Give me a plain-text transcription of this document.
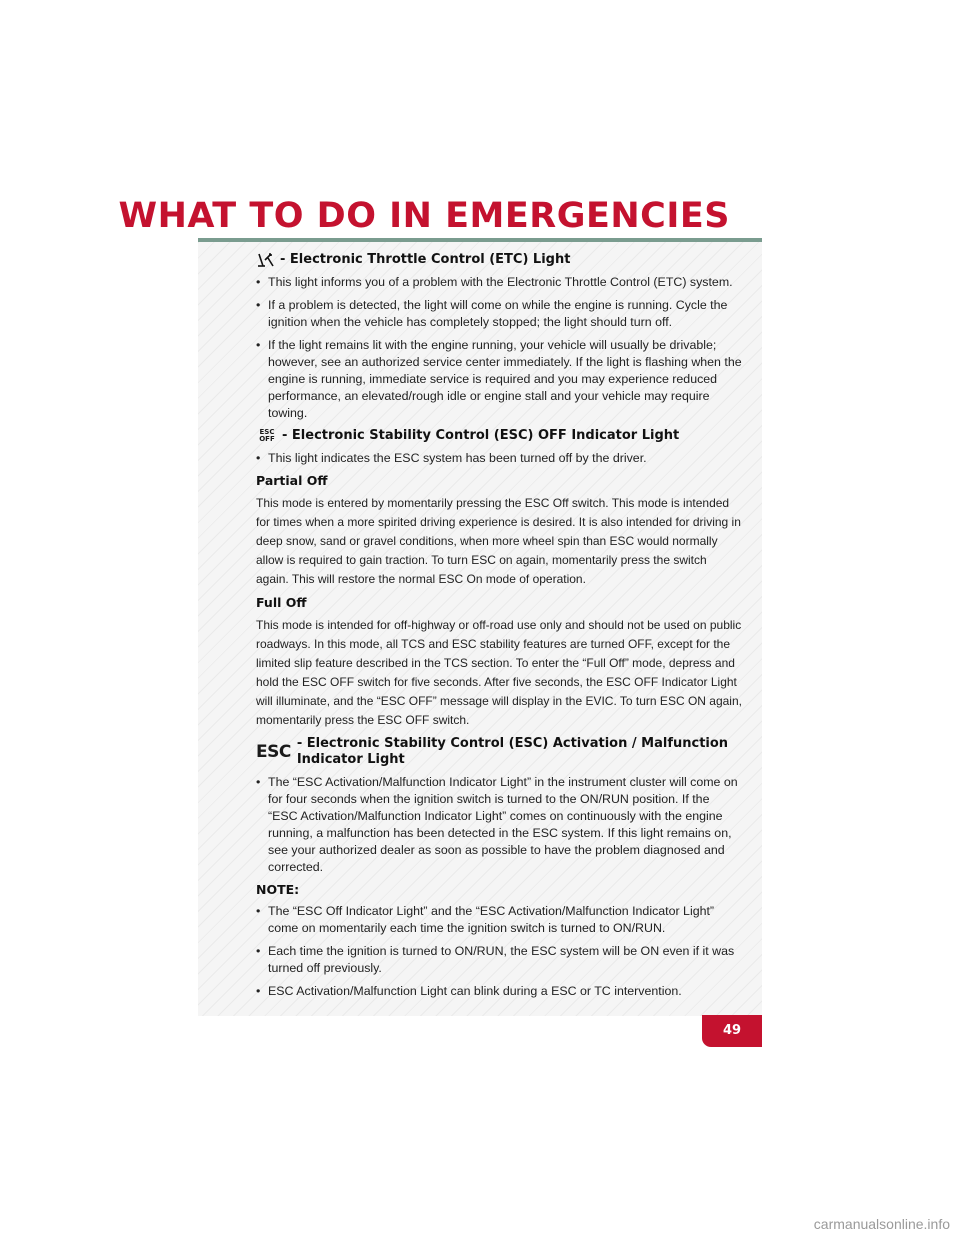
WHAT TO DO IN EMERGENCIES

- Electronic Throttle Control (ETC) Light

• This light informs you of a problem with the Electronic Throttle Control (ETC) system.
• If a problem is detected, the light will come on while the engine is running. Cycle the ignition when the vehicle has completely stopped; the light should turn off.
• If the light remains lit with the engine running, your vehicle will usually be drivable; however, see an authorized service center immediately. If the light is flashing when the engine is running, immediate service is required and you may experience reduced performance, an elevated/rough idle or engine stall and your vehicle may require towing.
ESC
OFF - Electronic Stability Control (ESC) OFF Indicator Light

• This light indicates the ESC system has been turned off by the driver.
Partial Off

This mode is entered by momentarily pressing the ESC Off switch. This mode is intended for times when a more spirited driving experience is desired. It is also intended for driving in deep snow, sand or gravel conditions, when more wheel spin than ESC would normally allow is required to gain traction. To turn ESC on again, momentarily press the switch again. This will restore the normal ESC On mode of operation.

Full Off

This mode is intended for off-highway or off-road use only and should not be used on public roadways. In this mode, all TCS and ESC stability features are turned OFF, except for the limited slip feature described in the TCS section. To enter the “Full Off” mode, depress and hold the ESC OFF switch for five seconds. After five seconds, the ESC OFF Indicator Light will illuminate, and the “ESC OFF” message will display in the EVIC. To turn ESC ON again, momentarily press the ESC OFF switch.

ESC - Electronic Stability Control (ESC) Activation / Malfunction Indicator Light

• The “ESC Activation/Malfunction Indicator Light” in the instrument cluster will come on for four seconds when the ignition switch is turned to the ON/RUN position. If the “ESC Activation/Malfunction Indicator Light” comes on continuously with the engine running, a malfunction has been detected in the ESC system. If this light remains on, see your authorized dealer as soon as possible to have the problem diagnosed and corrected.
NOTE:
• The “ESC Off Indicator Light” and the “ESC Activation/Malfunction Indicator Light” come on momentarily each time the ignition switch is turned to ON/RUN.
• Each time the ignition is turned to ON/RUN, the ESC system will be ON even if it was turned off previously.
• ESC Activation/Malfunction Light can blink during a ESC or TC intervention.
49
carmanualsonline.info
